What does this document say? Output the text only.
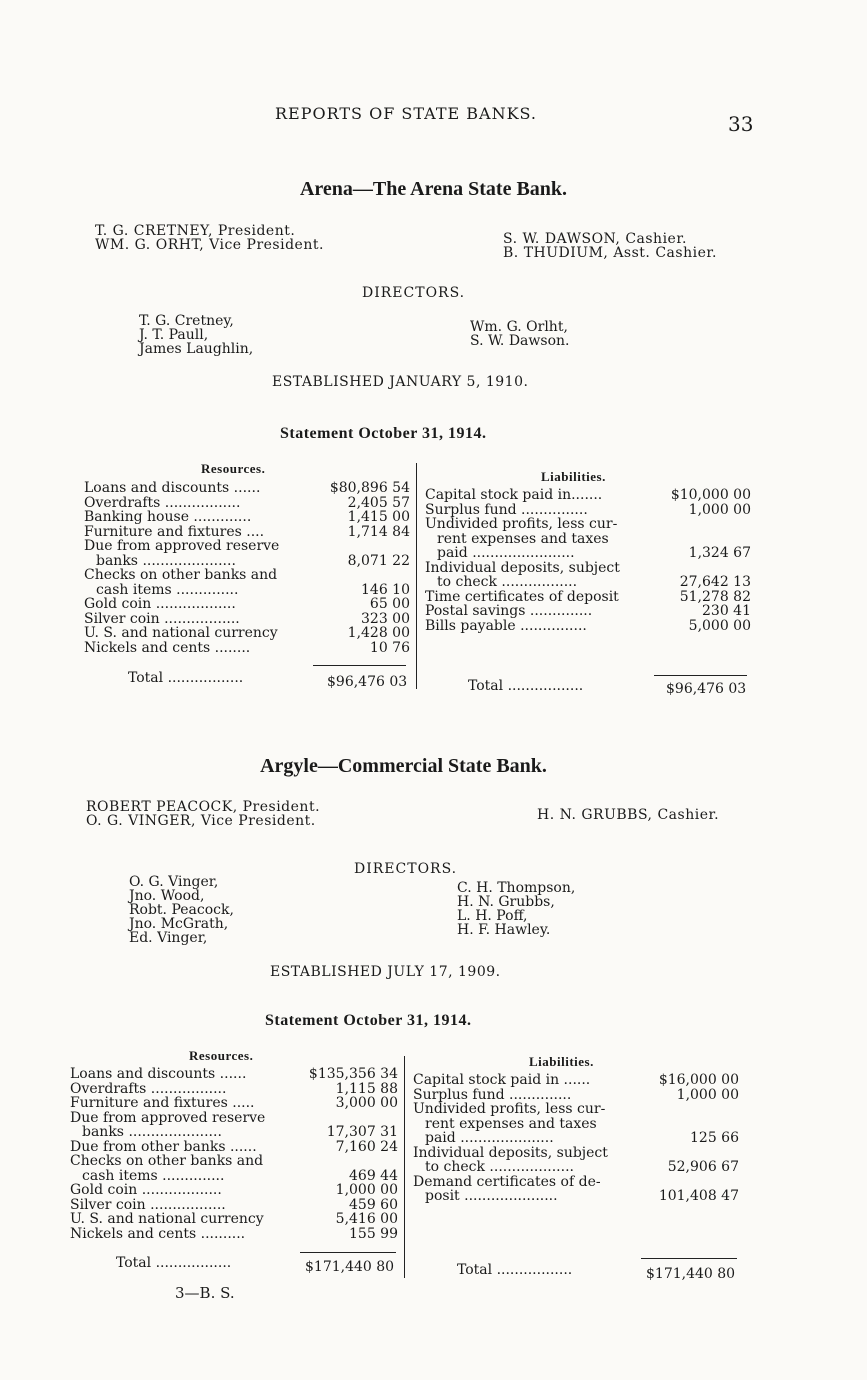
REPORTS OF STATE BANKS.	33
Arena—The Arena State Bank.
T. G. CRETNEY, President.
WM. G. ORHT, Vice President.	S. W. DAWSON, Cashier.
B. THUDIUM, Asst. Cashier.
DIRECTORS.
T. G. Cretney,
J. T. Paull,
James Laughlin,
Wm. G. Orlht,
S. W. Dawson.
ESTABLISHED JANUARY 5, 1910.
Statement October 31, 1914.
Resources.
Liabilities.
Loans and discounts ......	$80,896 54
Overdrafts .................	2,405 57
Banking house .............	1,415 00
Furniture and fixtures ....	1,714 84
Due from approved reserve	
banks .....................	8,071 22
Checks on other banks and	
cash items ..............	146 10
Gold coin ..................	65 00
Silver coin .................	323 00
U. S. and national currency	1,428 00
Nickels and cents ........	10 76
Capital stock paid in.......	$10,000 00
Surplus fund ...............	1,000 00
Undivided profits, less cur-	
rent expenses and taxes	
paid .......................	1,324 67
Individual deposits, subject	
to check .................	27,642 13
Time certificates of deposit	51,278 82
Postal savings ..............	230 41
Bills payable ...............	5,000 00
Total .................	$96,476 03	Total .................	$96,476 03
Argyle—Commercial State Bank.
ROBERT PEACOCK, President.
O. G. VINGER, Vice President.	H. N. GRUBBS, Cashier.
DIRECTORS.
O. G. Vinger,
Jno. Wood,
Robt. Peacock,
Jno. McGrath,
Ed. Vinger,
C. H. Thompson,
H. N. Grubbs,
L. H. Poff,
H. F. Hawley.
ESTABLISHED JULY 17, 1909.
Statement October 31, 1914.
Resources.	Liabilities.
Loans and discounts ......	$135,356 34
Overdrafts .................	1,115 88
Furniture and fixtures .....	3,000 00
Due from approved reserve	
banks .....................	17,307 31
Due from other banks ......	7,160 24
Checks on other banks and	
cash items ..............	469 44
Gold coin ..................	1,000 00
Silver coin .................	459 60
U. S. and national currency	5,416 00
Nickels and cents ..........	155 99
Capital stock paid in ......	$16,000 00
Surplus fund ..............	1,000 00
Undivided profits, less cur-	
rent expenses and taxes	
paid .....................	125 66
Individual deposits, subject	
to check ...................	52,906 67
Demand certificates of de-	
posit .....................	101,408 47
Total .................	$171,440 80	Total .................	$171,440 80
3—B. S.
